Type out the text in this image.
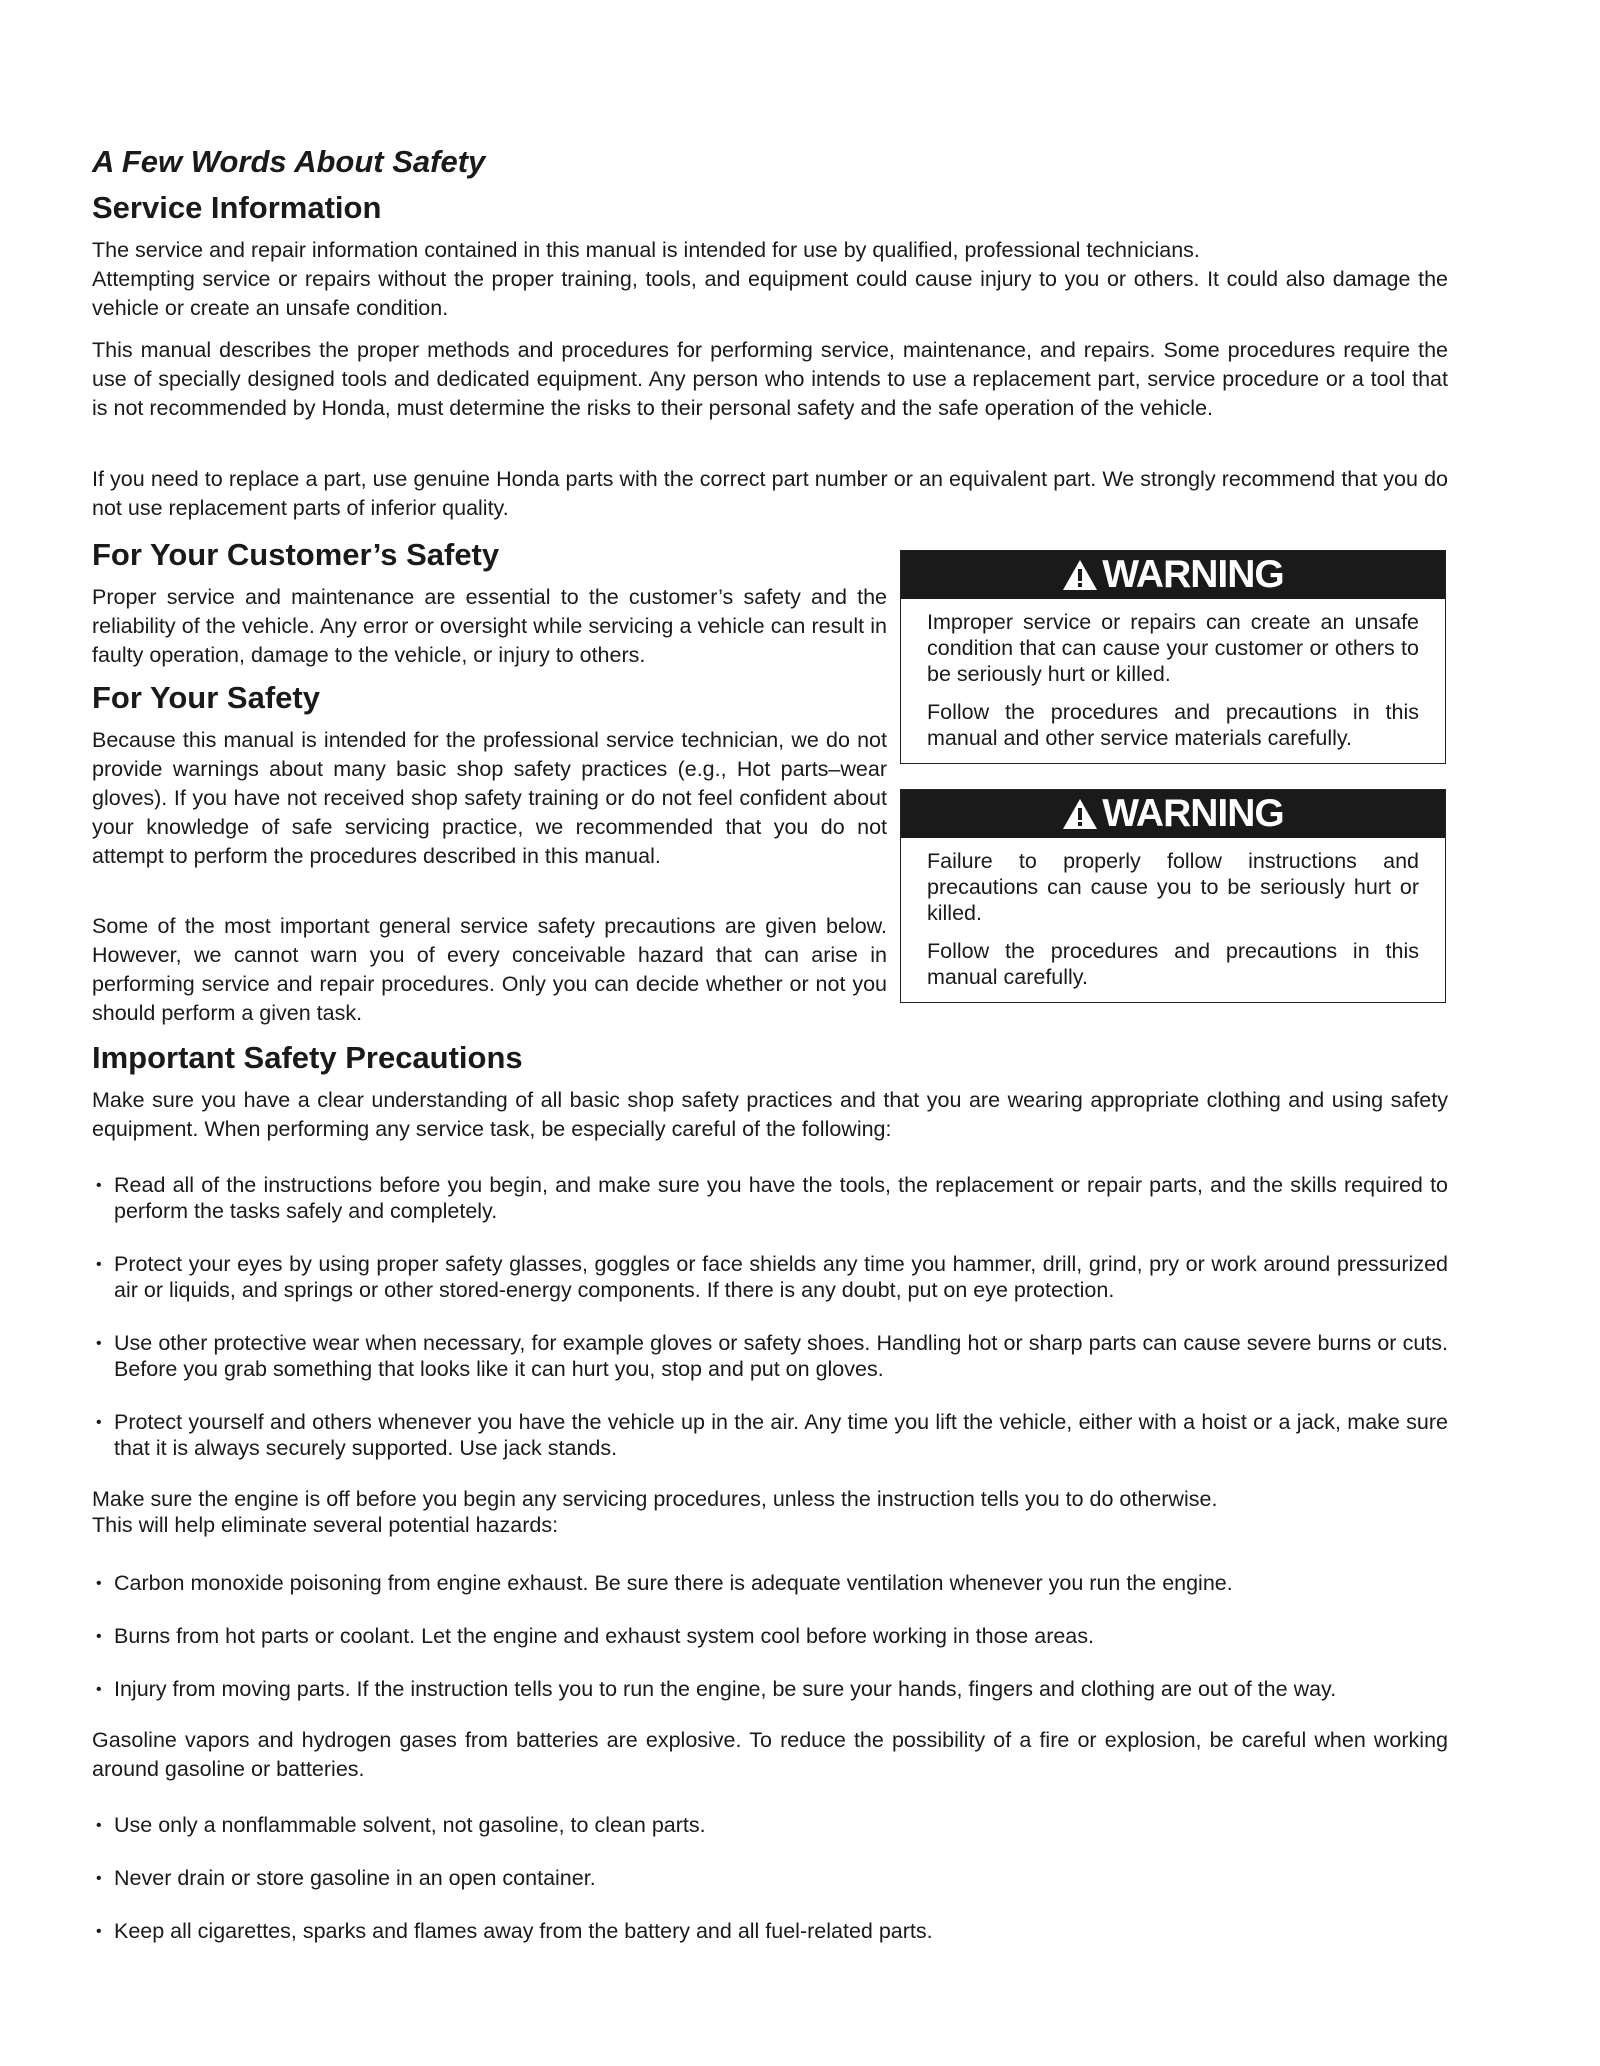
A Few Words About Safety
Service Information

The service and repair information contained in this manual is intended for use by qualified, professional technicians.

Attempting service or repairs without the proper training, tools, and equipment could cause injury to you or others. It could also damage the vehicle or create an unsafe condition.

This manual describes the proper methods and procedures for performing service, maintenance, and repairs. Some procedures require the use of specially designed tools and dedicated equipment. Any person who intends to use a replacement part, service procedure or a tool that is not recommended by Honda, must determine the risks to their personal safety and the safe operation of the vehicle.

If you need to replace a part, use genuine Honda parts with the correct part number or an equivalent part. We strongly recommend that you do not use replacement parts of inferior quality.

For Your Customer’s Safety

Proper service and maintenance are essential to the customer’s safety and the reliability of the vehicle. Any error or oversight while servicing a vehicle can result in faulty operation, damage to the vehicle, or injury to others.

For Your Safety

Because this manual is intended for the professional service technician, we do not provide warnings about many basic shop safety practices (e.g., Hot parts–wear gloves). If you have not received shop safety training or do not feel confident about your knowledge of safe servicing practice, we recommended that you do not attempt to perform the procedures described in this manual.

Some of the most important general service safety precautions are given below. However, we cannot warn you of every conceivable hazard that can arise in performing service and repair procedures. Only you can decide whether or not you should perform a given task.

WARNING

Improper service or repairs can create an unsafe condition that can cause your customer or others to be seriously hurt or killed.

Follow the procedures and precautions in this manual and other service materials carefully.

WARNING

Failure to properly follow instructions and precautions can cause you to be seriously hurt or killed.

Follow the procedures and precautions in this manual carefully.

Important Safety Precautions

Make sure you have a clear understanding of all basic shop safety practices and that you are wearing appropriate clothing and using safety equipment. When performing any service task, be especially careful of the following:

• Read all of the instructions before you begin, and make sure you have the tools, the replacement or repair parts, and the skills required to perform the tasks safely and completely.
• Protect your eyes by using proper safety glasses, goggles or face shields any time you hammer, drill, grind, pry or work around pressurized air or liquids, and springs or other stored-energy components. If there is any doubt, put on eye protection.
• Use other protective wear when necessary, for example gloves or safety shoes. Handling hot or sharp parts can cause severe burns or cuts. Before you grab something that looks like it can hurt you, stop and put on gloves.
• Protect yourself and others whenever you have the vehicle up in the air. Any time you lift the vehicle, either with a hoist or a jack, make sure that it is always securely supported. Use jack stands.

Make sure the engine is off before you begin any servicing procedures, unless the instruction tells you to do otherwise.

This will help eliminate several potential hazards:

• Carbon monoxide poisoning from engine exhaust. Be sure there is adequate ventilation whenever you run the engine.
• Burns from hot parts or coolant. Let the engine and exhaust system cool before working in those areas.
• Injury from moving parts. If the instruction tells you to run the engine, be sure your hands, fingers and clothing are out of the way.

Gasoline vapors and hydrogen gases from batteries are explosive. To reduce the possibility of a fire or explosion, be careful when working around gasoline or batteries.

• Use only a nonflammable solvent, not gasoline, to clean parts.
• Never drain or store gasoline in an open container.
• Keep all cigarettes, sparks and flames away from the battery and all fuel-related parts.
